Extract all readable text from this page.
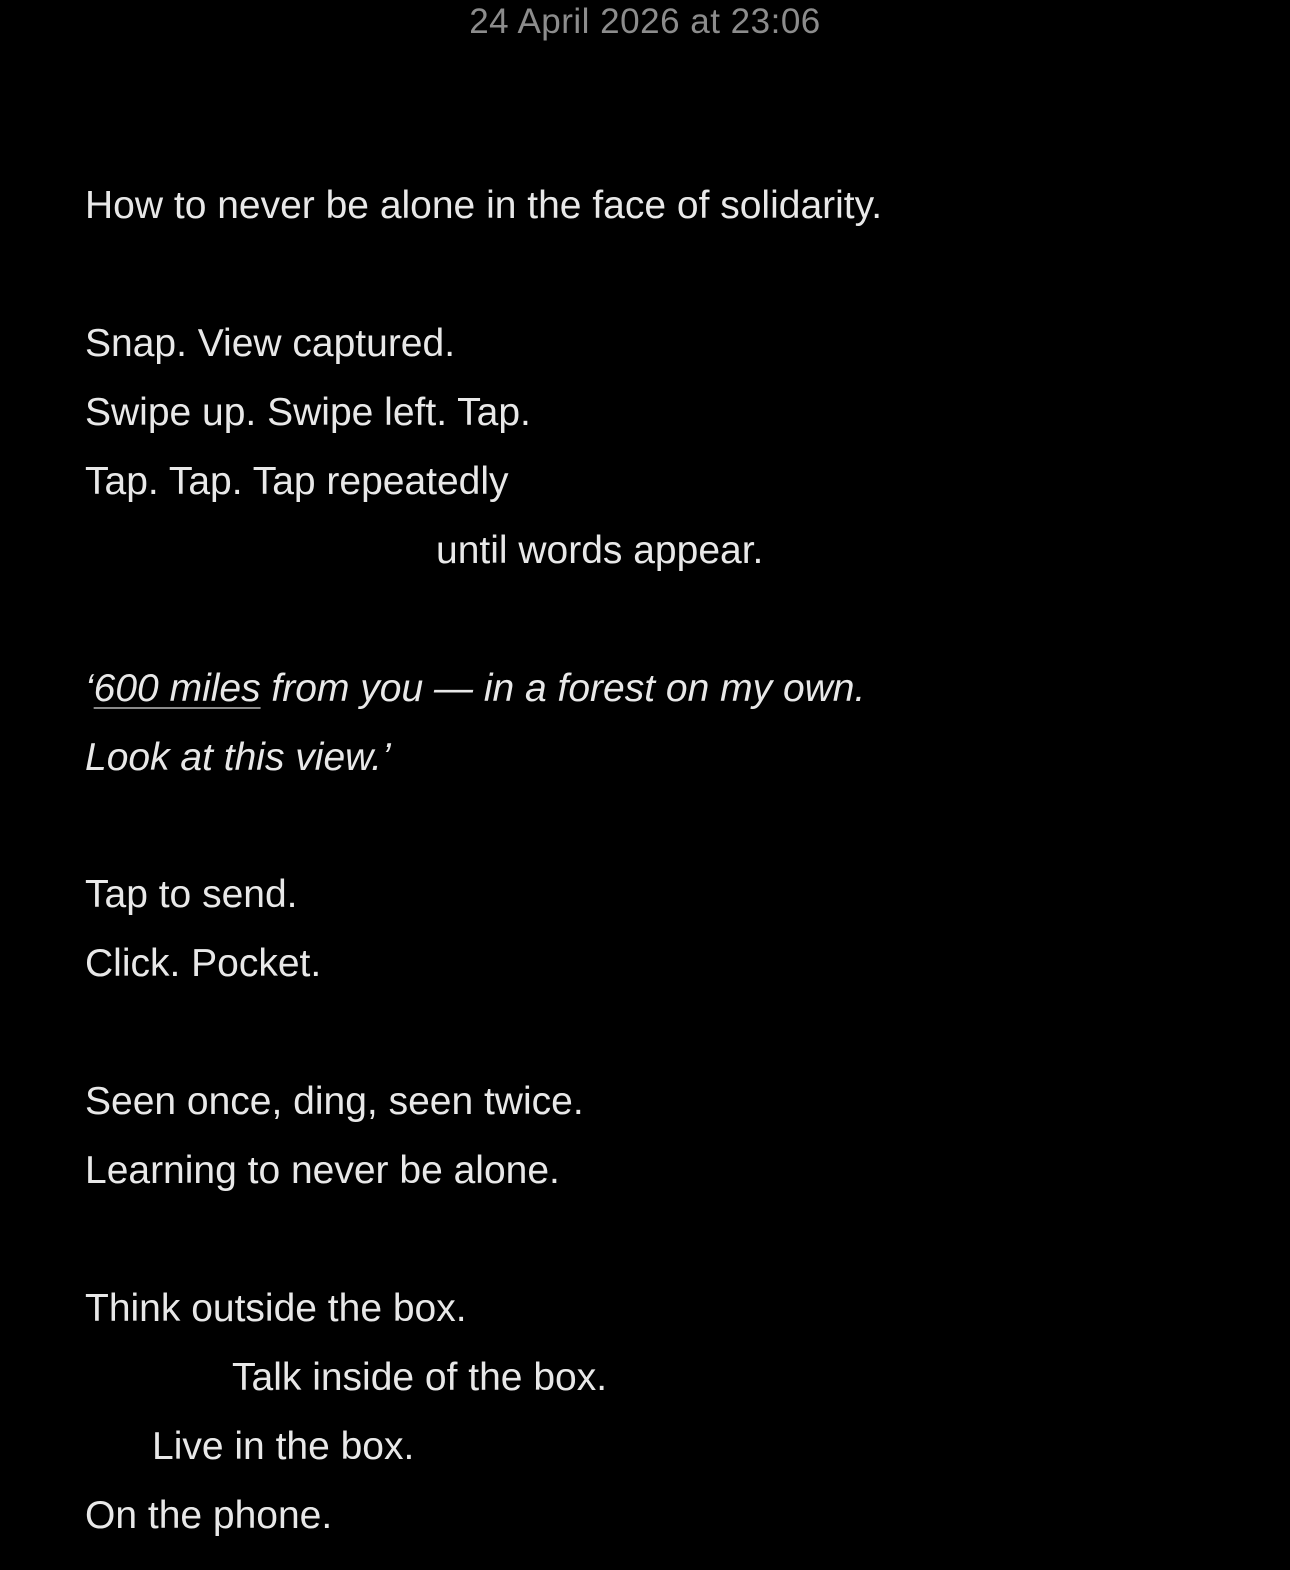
24 April 2026 at 23:06
How to never be alone in the face of solidarity.
Snap. View captured.
Swipe up. Swipe left. Tap.
Tap. Tap. Tap repeatedly
until words appear.
‘600 miles from you — in a forest on my own.
Look at this view.’
Tap to send.
Click. Pocket.
Seen once, ding, seen twice.
Learning to never be alone.
Think outside the box.
Talk inside of the box.
Live in the box.
On the phone.
